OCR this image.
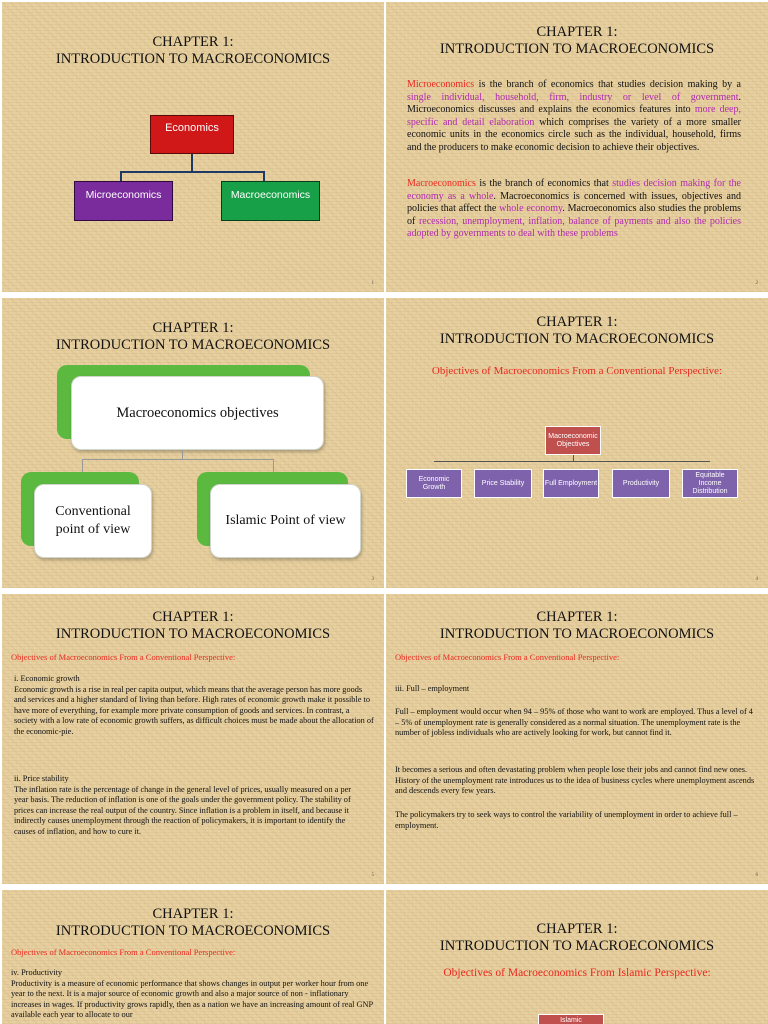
CHAPTER 1:
INTRODUCTION TO MACROECONOMICS
Economics
Microeconomics	Macroeconomics
1
CHAPTER 1:
INTRODUCTION TO MACROECONOMICS
Microeconomics is the branch of economics that studies decision making by a single individual, household, firm, industry or level of government. Microeconomics discusses and explains the economics features into more deep, specific and detail elaboration which comprises the variety of a more smaller economic units in the economics circle such as the individual, household, firms and the producers to make economic decision to achieve their objectives.
Macroeconomics is the branch of economics that studies decision making for the economy as a whole. Macroeconomics is concerned with issues, objectives and policies that affect the whole economy. Macroeconomics also studies the problems of recession, unemployment, inflation, balance of payments and also the policies adopted by governments to deal with these problems
2
CHAPTER 1:
INTRODUCTION TO MACROECONOMICS
Macroeconomics objectives
Conventional point of view
Islamic Point of view
3
CHAPTER 1:
INTRODUCTION TO MACROECONOMICS
Objectives of Macroeconomics From a Conventional Perspective:
Macroeconomic Objectives
Economic Growth
Price Stability	Full Employment	Productivity
Equitable Income Distribution
4
CHAPTER 1:
INTRODUCTION TO MACROECONOMICS
Objectives of Macroeconomics From a Conventional Perspective:

i. Economic growth

Economic growth is a rise in real per capita output, which means that the average person has more goods and services and a higher standard of living than before. High rates of economic growth make it possible to have more of everything, for example more private consumption of goods and services. In contrast, a society with a low rate of economic growth suffers, as difficult choices must be made about the allocation of the economic-pie.

ii. Price stability

The inflation rate is the percentage of change in the general level of prices, usually measured on a per year basis. The reduction of inflation is one of the goals under the government policy. The stability of prices can increase the real output of the country. Since inflation is a problem in itself, and because it indirectly causes unemployment through the reaction of policymakers, it is important to identify the causes of inflation, and how to cure it.

5
CHAPTER 1:
INTRODUCTION TO MACROECONOMICS
Objectives of Macroeconomics From a Conventional Perspective:
iii. Full – employment
Full – employment would occur when 94 – 95% of those who want to work are employed. Thus a level of 4 – 5% of unemployment rate is generally considered as a normal situation. The unemployment rate is the number of jobless individuals who are actively looking for work, but cannot find it.
It becomes a serious and often devastating problem when people lose their jobs and cannot find new ones. History of the unemployment rate introduces us to the idea of business cycles where unemployment ascends and descends every few years.
The policymakers try to seek ways to control the variability of unemployment in order to achieve full – employment.
6
CHAPTER 1:
INTRODUCTION TO MACROECONOMICS
Objectives of Macroeconomics From a Conventional Perspective:

iv. Productivity

Productivity is a measure of economic performance that shows changes in output per worker hour from one year to the next. It is a major source of economic growth and also a major source of non - inflationary increases in wages. If productivity grows rapidly, then as a nation we have an increasing amount of real GNP available each year to allocate to our

CHAPTER 1:
INTRODUCTION TO MACROECONOMICS
Objectives of Macroeconomics From Islamic Perspective:
Islamic
